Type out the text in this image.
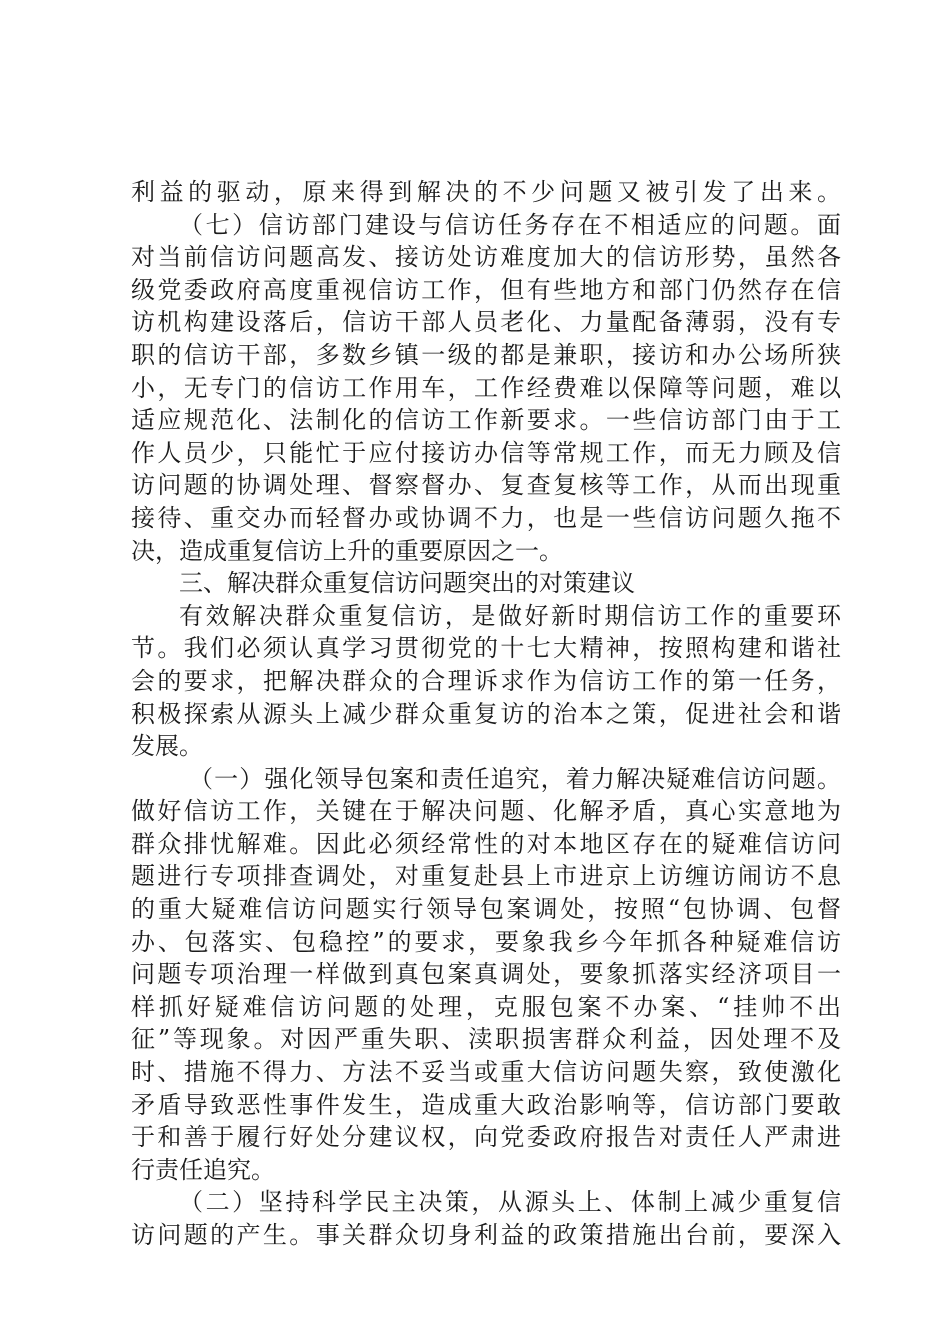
利益的驱动，原来得到解决的不少问题又被引发了出来。
（七）信访部门建设与信访任务存在不相适应的问题。面
对当前信访问题高发、接访处访难度加大的信访形势，虽然各
级党委政府高度重视信访工作，但有些地方和部门仍然存在信
访机构建设落后，信访干部人员老化、力量配备薄弱，没有专
职的信访干部，多数乡镇一级的都是兼职，接访和办公场所狭
小，无专门的信访工作用车，工作经费难以保障等问题，难以
适应规范化、法制化的信访工作新要求。一些信访部门由于工
作人员少，只能忙于应付接访办信等常规工作，而无力顾及信
访问题的协调处理、督察督办、复查复核等工作，从而出现重
接待、重交办而轻督办或协调不力，也是一些信访问题久拖不
决，造成重复信访上升的重要原因之一。
三、解决群众重复信访问题突出的对策建议
有效解决群众重复信访，是做好新时期信访工作的重要环
节。我们必须认真学习贯彻党的十七大精神，按照构建和谐社
会的要求，把解决群众的合理诉求作为信访工作的第一任务，
积极探索从源头上减少群众重复访的治本之策，促进社会和谐
发展。
（一）强化领导包案和责任追究，着力解决疑难信访问题。
做好信访工作，关键在于解决问题、化解矛盾，真心实意地为
群众排忧解难。因此必须经常性的对本地区存在的疑难信访问
题进行专项排查调处，对重复赴县上市进京上访缠访闹访不息
的重大疑难信访问题实行领导包案调处，按照“包协调、包督
办、包落实、包稳控”的要求，要象我乡今年抓各种疑难信访
问题专项治理一样做到真包案真调处，要象抓落实经济项目一
样抓好疑难信访问题的处理，克服包案不办案、“挂帅不出
征”等现象。对因严重失职、渎职损害群众利益，因处理不及
时、措施不得力、方法不妥当或重大信访问题失察，致使激化
矛盾导致恶性事件发生，造成重大政治影响等，信访部门要敢
于和善于履行好处分建议权，向党委政府报告对责任人严肃进
行责任追究。
（二）坚持科学民主决策，从源头上、体制上减少重复信
访问题的产生。事关群众切身利益的政策措施出台前，要深入
